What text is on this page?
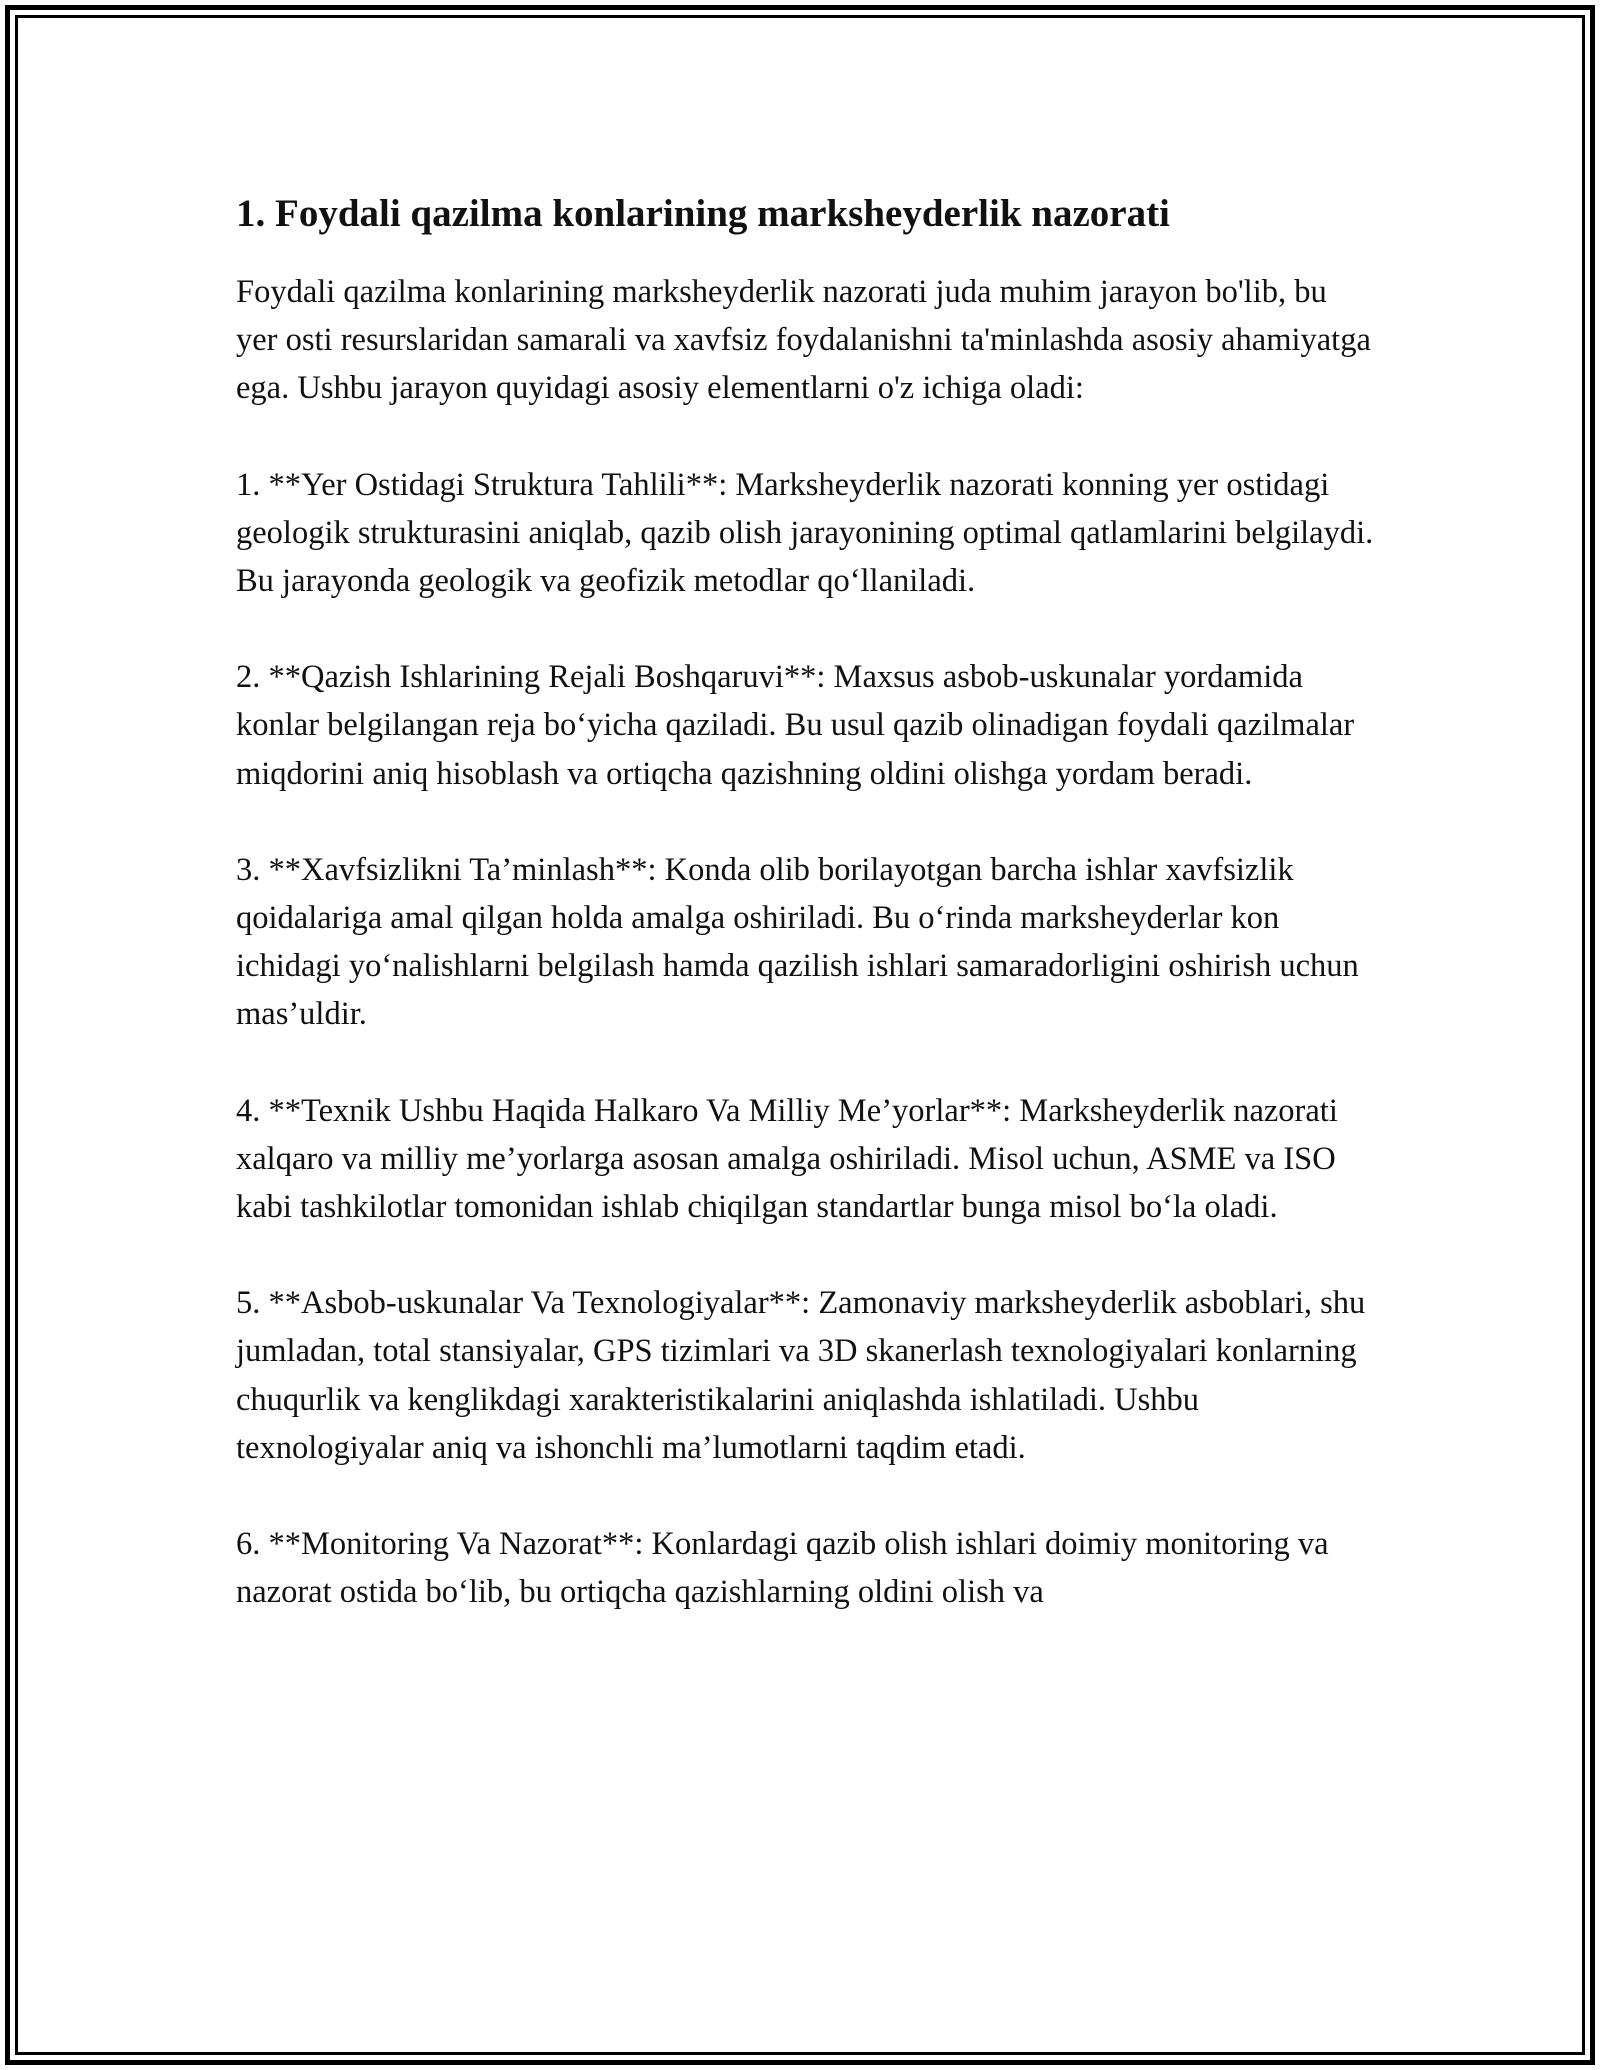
1. Foydali qazilma konlarining marksheyderlik nazorati

Foydali qazilma konlarining marksheyderlik nazorati juda muhim jarayon bo'lib, bu yer osti resurslaridan samarali va xavfsiz foydalanishni ta'minlashda asosiy ahamiyatga ega. Ushbu jarayon quyidagi asosiy elementlarni o'z ichiga oladi:

1. **Yer Ostidagi Struktura Tahlili**: Marksheyderlik nazorati konning yer ostidagi geologik strukturasini aniqlab, qazib olish jarayonining optimal qatlamlarini belgilaydi. Bu jarayonda geologik va geofizik metodlar qo‘llaniladi.

2. **Qazish Ishlarining Rejali Boshqaruvi**: Maxsus asbob-uskunalar yordamida konlar belgilangan reja bo‘yicha qaziladi. Bu usul qazib olinadigan foydali qazilmalar miqdorini aniq hisoblash va ortiqcha qazishning oldini olishga yordam beradi.

3. **Xavfsizlikni Ta’minlash**: Konda olib borilayotgan barcha ishlar xavfsizlik qoidalariga amal qilgan holda amalga oshiriladi. Bu o‘rinda marksheyderlar kon ichidagi yo‘nalishlarni belgilash hamda qazilish ishlari samaradorligini oshirish uchun mas’uldir.

4. **Texnik Ushbu Haqida Halkaro Va Milliy Me’yorlar**: Marksheyderlik nazorati xalqaro va milliy me’yorlarga asosan amalga oshiriladi. Misol uchun, ASME va ISO kabi tashkilotlar tomonidan ishlab chiqilgan standartlar bunga misol bo‘la oladi.

5. **Asbob-uskunalar Va Texnologiyalar**: Zamonaviy marksheyderlik asboblari, shu jumladan, total stansiyalar, GPS tizimlari va 3D skanerlash texnologiyalari konlarning chuqurlik va kenglikdagi xarakteristikalarini aniqlashda ishlatiladi. Ushbu texnologiyalar aniq va ishonchli ma’lumotlarni taqdim etadi.

6. **Monitoring Va Nazorat**: Konlardagi qazib olish ishlari doimiy monitoring va nazorat ostida bo‘lib, bu ortiqcha qazishlarning oldini olish va
